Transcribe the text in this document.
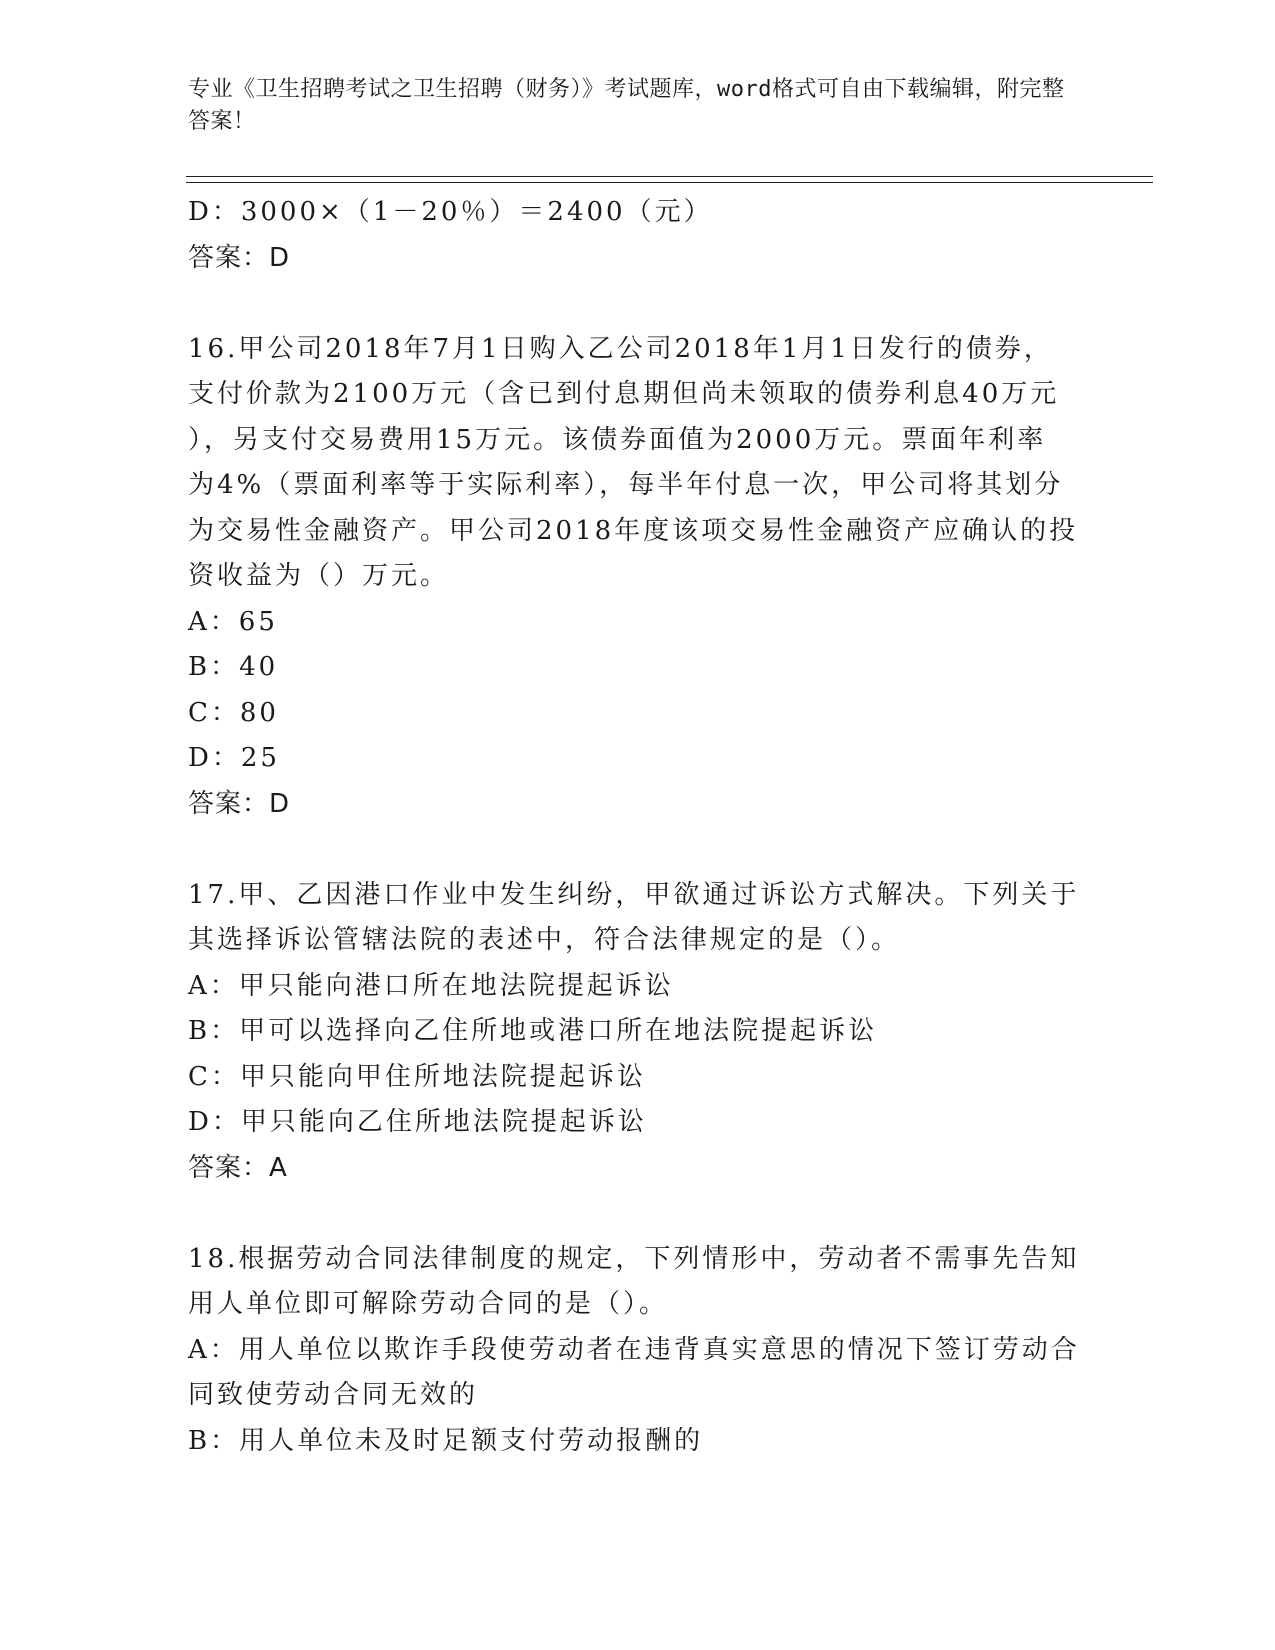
专业《卫生招聘考试之卫生招聘（财务）》考试题库，word格式可自由下载编辑，附完整答案！
D：3000×（1－20％）＝2400（元）
答案：D
16.甲公司2018年7月1日购入乙公司2018年1月1日发行的债券，
支付价款为2100万元（含已到付息期但尚未领取的债券利息40万元
），另支付交易费用15万元。该债券面值为2000万元。票面年利率
为4%（票面利率等于实际利率），每半年付息一次，甲公司将其划分
为交易性金融资产。甲公司2018年度该项交易性金融资产应确认的投
资收益为（）万元。
A：65
B：40
C：80
D：25
答案：D
17.甲、乙因港口作业中发生纠纷，甲欲通过诉讼方式解决。下列关于
其选择诉讼管辖法院的表述中，符合法律规定的是（）。
A：甲只能向港口所在地法院提起诉讼
B：甲可以选择向乙住所地或港口所在地法院提起诉讼
C：甲只能向甲住所地法院提起诉讼
D：甲只能向乙住所地法院提起诉讼
答案：A
18.根据劳动合同法律制度的规定，下列情形中，劳动者不需事先告知
用人单位即可解除劳动合同的是（）。
A：用人单位以欺诈手段使劳动者在违背真实意思的情况下签订劳动合
同致使劳动合同无效的
B：用人单位未及时足额支付劳动报酬的
